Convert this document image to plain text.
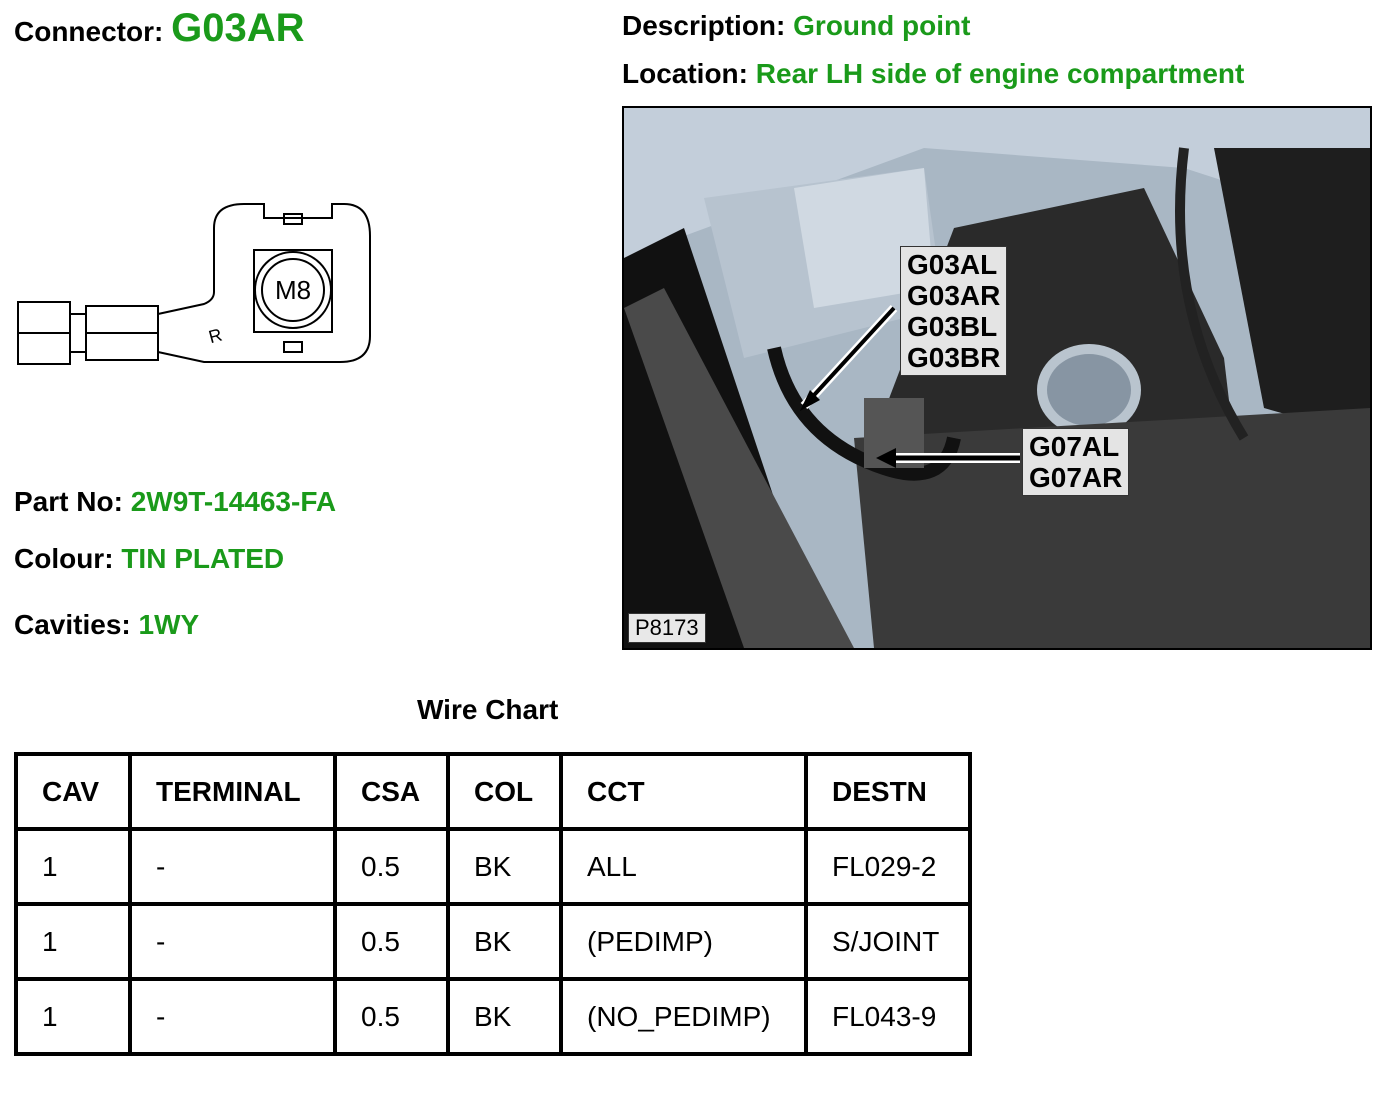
Connector: G03AR	Description: Ground point
Location: Rear LH side of engine compartment
M8
R
Part No: 2W9T-14463-FA
Colour: TIN PLATED
Cavities: 1WY
G03AL
G03AR
G03BL
G03BR
G07AL
G07AR
P8173
Wire Chart
CAV	TERMINAL	CSA	COL	CCT	DESTN
1	-	0.5	BK	ALL	FL029-2
1	-	0.5	BK	(PEDIMP)	S/JOINT
1	-	0.5	BK	(NO_PEDIMP)	FL043-9
